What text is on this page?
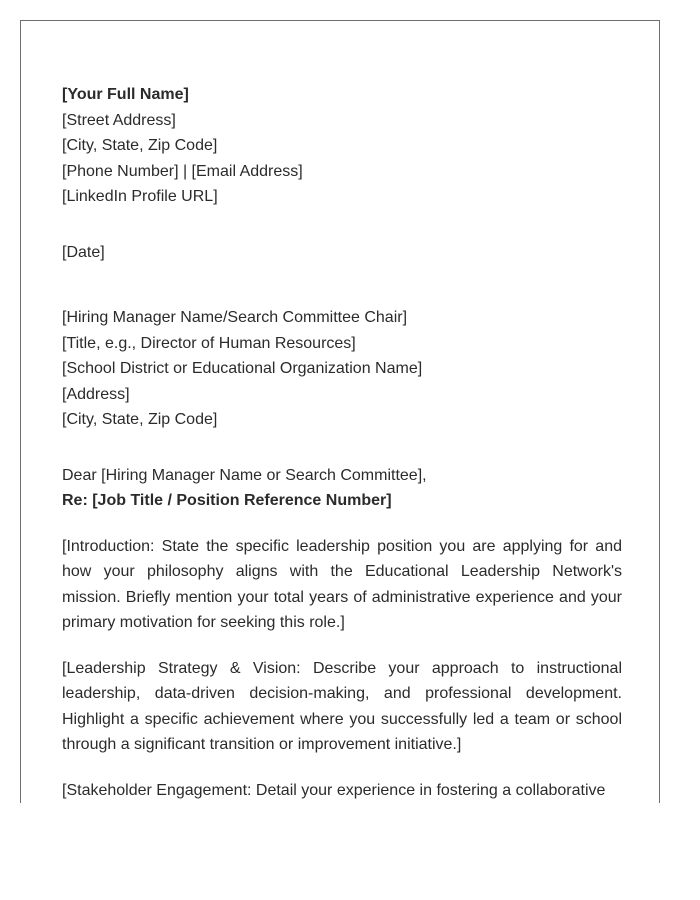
[Your Full Name]
[Street Address]
[City, State, Zip Code]
[Phone Number] | [Email Address]
[LinkedIn Profile URL]
[Date]
[Hiring Manager Name/Search Committee Chair]
[Title, e.g., Director of Human Resources]
[School District or Educational Organization Name]
[Address]
[City, State, Zip Code]
Dear [Hiring Manager Name or Search Committee],
Re: [Job Title / Position Reference Number]

[Introduction: State the specific leadership position you are applying for and how your philosophy aligns with the Educational Leadership Network's mission. Briefly mention your total years of administrative experience and your primary motivation for seeking this role.]

[Leadership Strategy & Vision: Describe your approach to instructional leadership, data-driven decision-making, and professional development. Highlight a specific achievement where you successfully led a team or school through a significant transition or improvement initiative.]

[Stakeholder Engagement: Detail your experience in fostering a collaborative
